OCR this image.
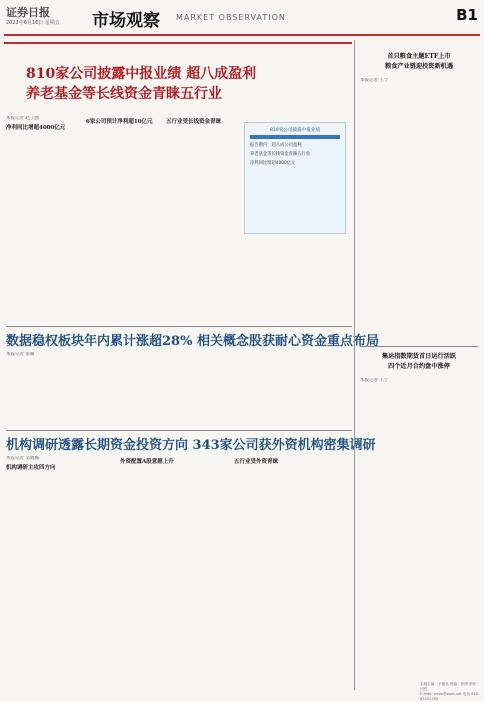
证券日报
2023年6月16日 星期五 市场观察 MARKET OBSERVATION	B1

810家公司披露中报业绩 超八成盈利

养老基金等长线资金青睐五行业

本报记者 赵子强
净利同比增超4000亿元
6家公司预计净利超10亿元	五行业受长线资金青睐
810家公司披露中报业绩
报告期内：超八成公司盈利
养老基金等长线资金青睐五行业
净利同比增超4000亿元
数据稳权板块年内累计涨超28% 相关概念股获耐心资金重点布局
本报记者 张颖
机构调研透露长期资金投资方向 343家公司获外资机构密集调研
本报记者 吴晓璐
机构调研主攻四方向
外资配置A股意愿上升	五行业受外资青睐
首只粮食主题ETF上市
粮食产业链迎投资新机遇
本报记者 王宁
集运指数期货首日运行活跃
四个近月合约盘中涨停
本报记者 王宁
本版主编：于德良 责编：张博 制作：闫亮
E-mail: zmzx@zqrb.net 电话 010-83251785
